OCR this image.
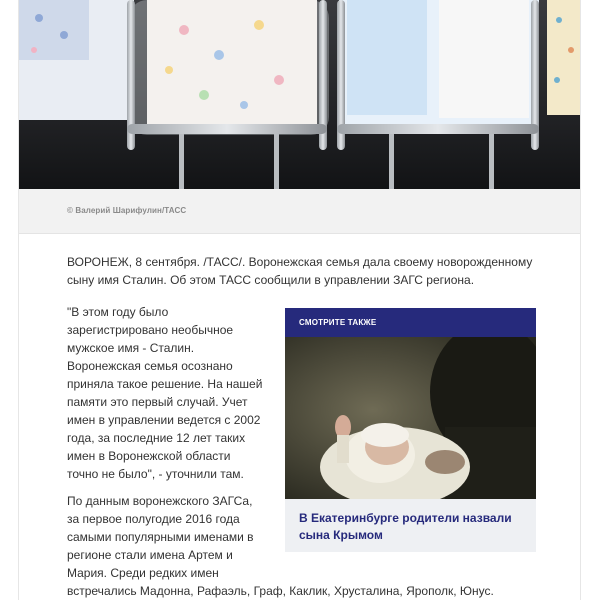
© Валерий Шарифулин/ТАСС

ВОРОНЕЖ, 8 сентября. /ТАСС/. Воронежская семья дала своему новорожденному сыну имя Сталин. Об этом ТАСС сообщили в управлении ЗАГС региона.

"В этом году было зарегистрировано необычное мужское имя - Сталин. Воронежская семья осознано приняла такое решение. На нашей памяти это первый случай. Учет имен в управлении ведется с 2002 года, за последние 12 лет таких имен в Воронежской области точно не было", - уточнили там.

По данным воронежского ЗАГСа, за первое полугодие 2016 года самыми популярными именами в регионе стали имена Артем и Мария. Среди редких имен

встречались Мадонна, Рафаэль, Граф, Каклик, Хрусталина, Ярополк, Юнус.

СМОТРИТЕ ТАКЖЕ
В Екатеринбурге родители назвали сына Крымом
